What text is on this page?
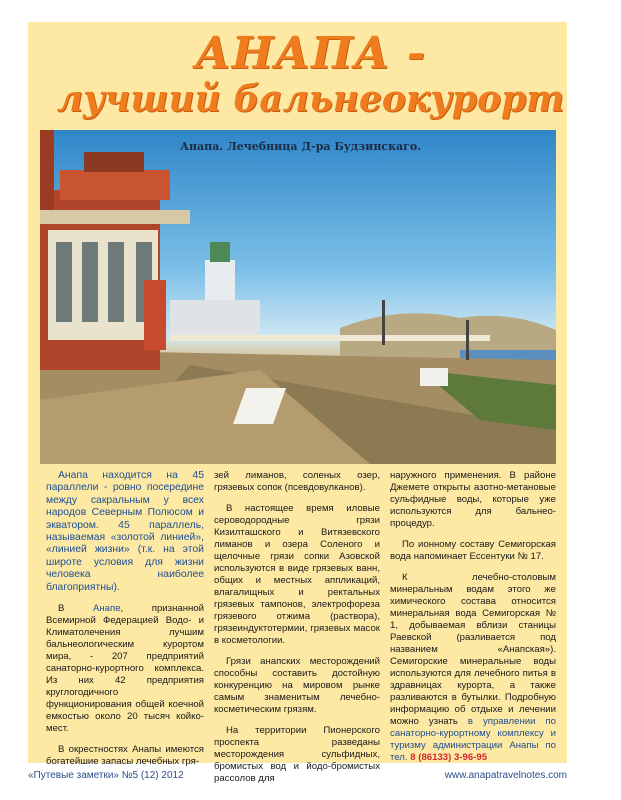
АНАПА -
лучший бальнеокурорт
Анапа. Лечебница Д-ра Будзинскаго.

Анапа находится на 45 параллели - ровно посередине между сакральным у всех народов Северным Полюсом и экватором. 45 параллель, называемая «золотой линией», «линией жизни» (т.к. на этой широте условия для жизни человека наиболее благоприятны).

В Анапе, признанной Всемирной Федерацией Водо- и Климатолечения лучшим бальнеологическим курортом мира, - 207 предприятий санаторно-курортного комплекса. Из них 42 предприятия круглогодичного функционирования общей коечной емкостью около 20 тысяч койко-мест.

В окрестностях Анапы имеются богатейшие запасы лечебных гря-

зей лиманов, соленых озер, грязевых сопок (псевдовулканов).

В настоящее время иловые сероводородные грязи Кизилташского и Витязевского лиманов и озера Соленого и щелочные грязи сопки Азовской используются в виде грязевых ванн, общих и местных аппликаций, влагалищных и ректальных грязевых тампонов, электрофореза грязевого отжима (раствора), грязеиндуктотермии, грязевых масок в косметологии.

Грязи анапских месторождений способны составить достойную конкуренцию на мировом рынке самым знаменитым лечебно-косметическим грязям.

На территории Пионерского проспекта разведаны месторождения сульфидных, бромистых вод и йодо-бромистых рассолов для

наружного применения. В районе Джемете открыты азотно-метановые сульфидные воды, которые уже используются для бальнео-процедур.

По ионному составу Семигорская вода напоминает Ессентуки № 17.

К лечебно-столовым минеральным водам этого же химического состава относится минеральная вода Семигорская № 1, добываемая вблизи станицы Раевской (разливается под названием «Анапская»). Семигорские минеральные воды используются для лечебного питья в здравницах курорта, а также разливаются в бутылки. Подробную информацию об отдыхе и лечении можно узнать в управлении по санаторно-курортному комплексу и туризму администрации Анапы по тел. 8 (86133) 3-96-95

«Путевые заметки» №5 (12) 2012	www.anapatravelnotes.com
